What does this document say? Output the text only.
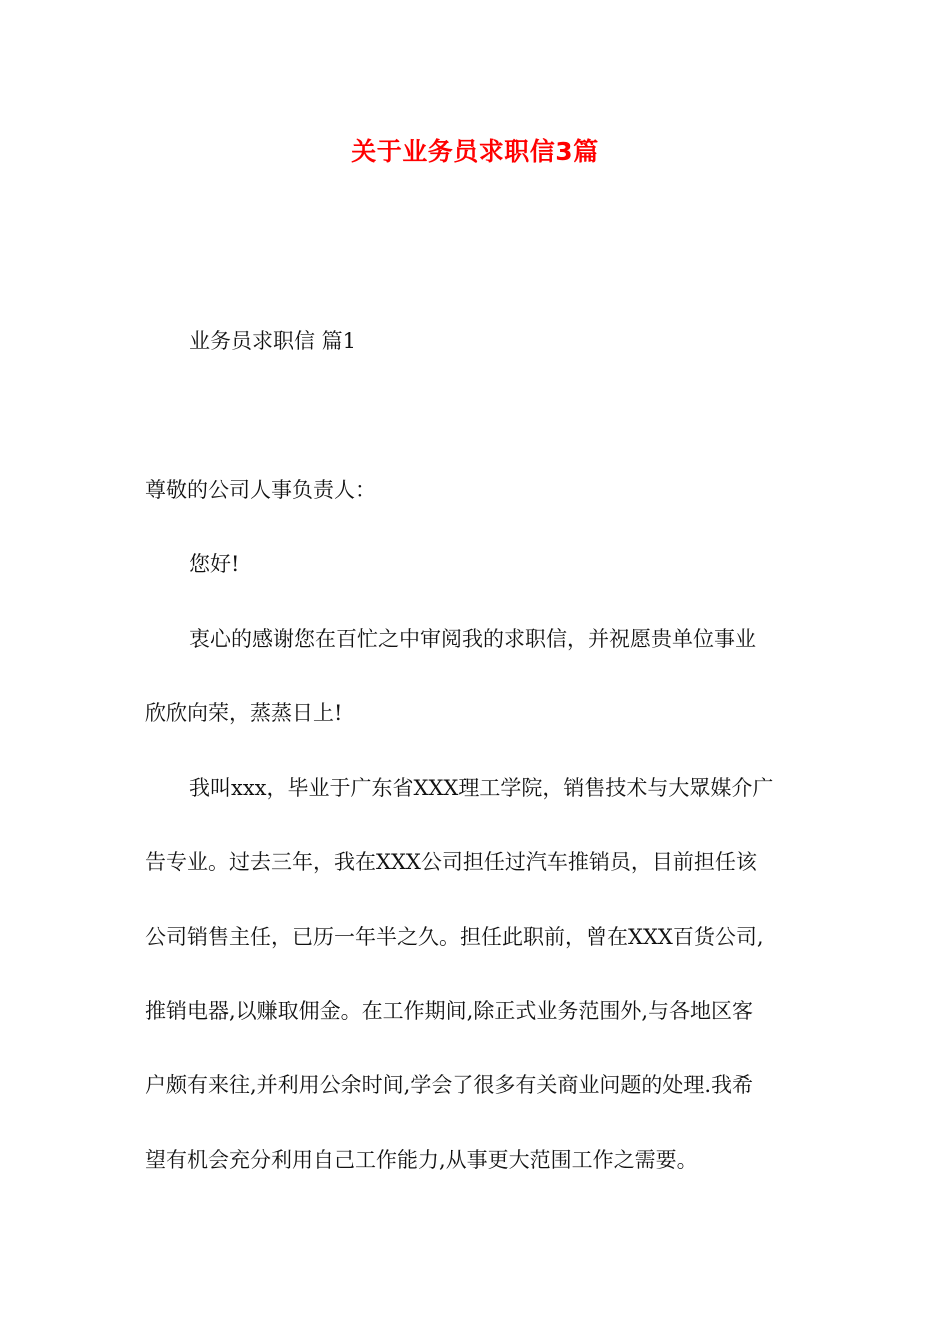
关于业务员求职信3篇
业务员求职信 篇1
尊敬的公司人事负责人：
您好!
衷心的感谢您在百忙之中审阅我的求职信，并祝愿贵单位事业
欣欣向荣，蒸蒸日上!
我叫xxx，毕业于广东省XXX理工学院，销售技术与大眾媒介广
告专业。过去三年，我在XXX公司担任过汽车推销员，目前担任该
公司销售主任，已历一年半之久。担任此职前，曾在XXX百货公司,
推销电器,以赚取佣金。在工作期间,除正式业务范围外,与各地区客
户颇有来往,并利用公余时间,学会了很多有关商业问题的处理.我希
望有机会充分利用自己工作能力,从事更大范围工作之需要。
